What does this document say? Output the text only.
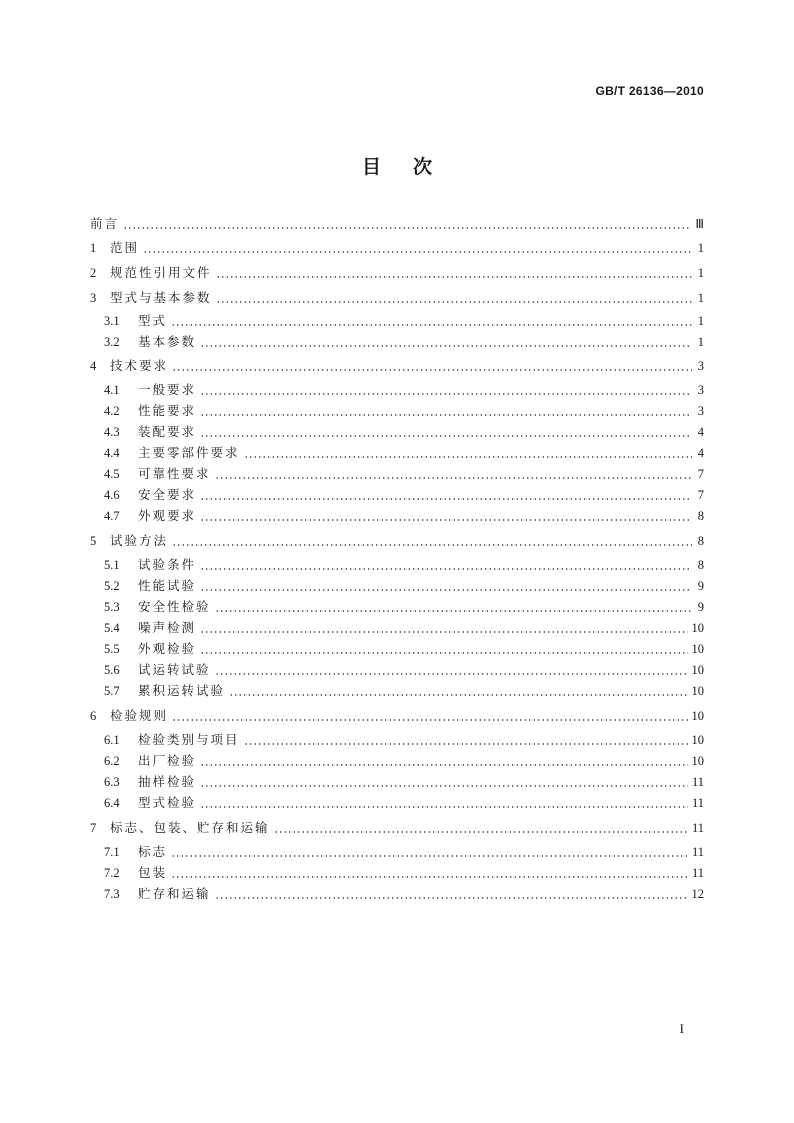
GB/T 26136—2010
目次
前言	Ⅲ
1	范围	1
2	规范性引用文件	1
3	型式与基本参数	1
3.1	型式	1
3.2	基本参数	1
4	技术要求	3
4.1	一般要求	3
4.2	性能要求	3
4.3	装配要求	4
4.4	主要零部件要求	4
4.5	可靠性要求	7
4.6	安全要求	7
4.7	外观要求	8
5	试验方法	8
5.1	试验条件	8
5.2	性能试验	9
5.3	安全性检验	9
5.4	噪声检测	10
5.5	外观检验	10
5.6	试运转试验	10
5.7	累积运转试验	10
6	检验规则	10
6.1	检验类别与项目	10
6.2	出厂检验	10
6.3	抽样检验	11
6.4	型式检验	11
7	标志、包装、贮存和运输	11
7.1	标志	11
7.2	包装	11
7.3	贮存和运输	12
I
